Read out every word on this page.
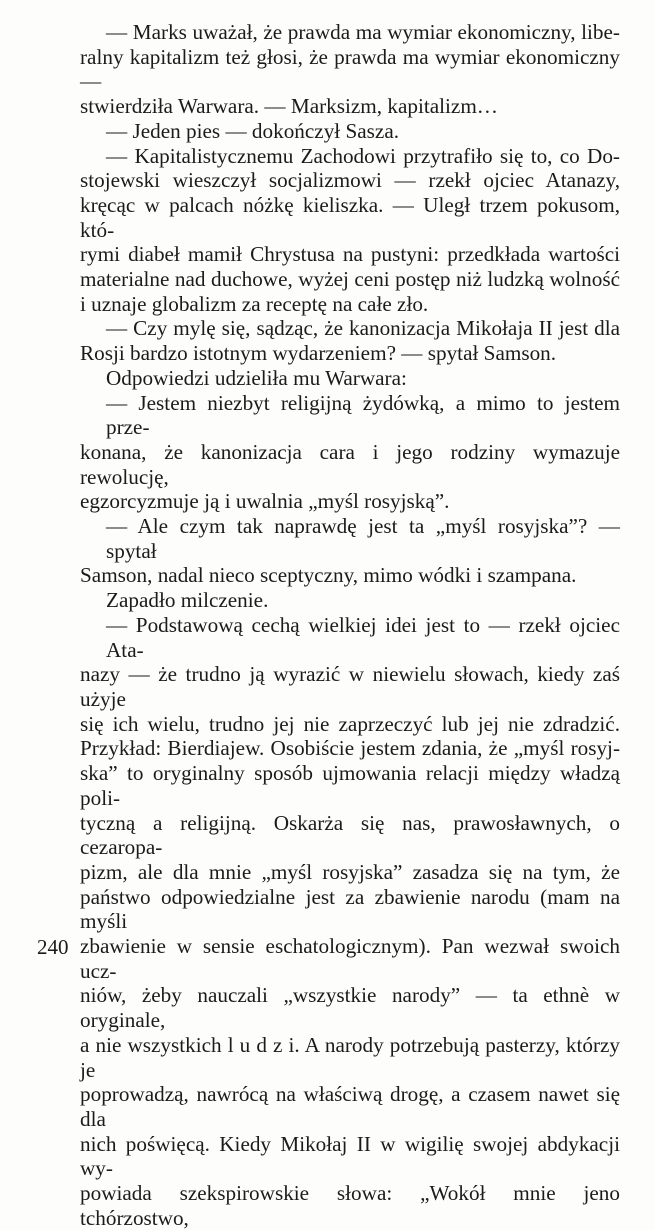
— Marks uważał, że prawda ma wymiar ekonomiczny, libe-
ralny kapitalizm też głosi, że prawda ma wymiar ekonomiczny —
stwierdziła Warwara. — Marksizm, kapitalizm…
— Jeden pies — dokończył Sasza.
— Kapitalistycznemu Zachodowi przytrafiło się to, co Do-
stojewski wieszczył socjalizmowi — rzekł ojciec Atanazy,
kręcąc w palcach nóżkę kieliszka. — Uległ trzem pokusom, któ-
rymi diabeł mamił Chrystusa na pustyni: przedkłada wartości
materialne nad duchowe, wyżej ceni postęp niż ludzką wolność
i uznaje globalizm za receptę na całe zło.
— Czy mylę się, sądząc, że kanonizacja Mikołaja II jest dla
Rosji bardzo istotnym wydarzeniem? — spytał Samson.
Odpowiedzi udzieliła mu Warwara:
— Jestem niezbyt religijną żydówką, a mimo to jestem prze-
konana, że kanonizacja cara i jego rodziny wymazuje rewolucję,
egzorcyzmuje ją i uwalnia „myśl rosyjską”.
— Ale czym tak naprawdę jest ta „myśl rosyjska”? — spytał
Samson, nadal nieco sceptyczny, mimo wódki i szampana.
Zapadło milczenie.
— Podstawową cechą wielkiej idei jest to — rzekł ojciec Ata-
nazy — że trudno ją wyrazić w niewielu słowach, kiedy zaś użyje
się ich wielu, trudno jej nie zaprzeczyć lub jej nie zdradzić.
Przykład: Bierdiajew. Osobiście jestem zdania, że „myśl rosyj-
ska” to oryginalny sposób ujmowania relacji między władzą poli-
tyczną a religijną. Oskarża się nas, prawosławnych, o cezaropa-
pizm, ale dla mnie „myśl rosyjska” zasadza się na tym, że
państwo odpowiedzialne jest za zbawienie narodu (mam na myśli
zbawienie w sensie eschatologicznym). Pan wezwał swoich ucz-
niów, żeby nauczali „wszystkie narody” — ta ethnè w oryginale,
a nie wszystkich l u d z i. A narody potrzebują pasterzy, którzy je
poprowadzą, nawrócą na właściwą drogę, a czasem nawet się dla
nich poświęcą. Kiedy Mikołaj II w wigilię swojej abdykacji wy-
powiada szekspirowskie słowa: „Wokół mnie jeno tchórzostwo,
240
